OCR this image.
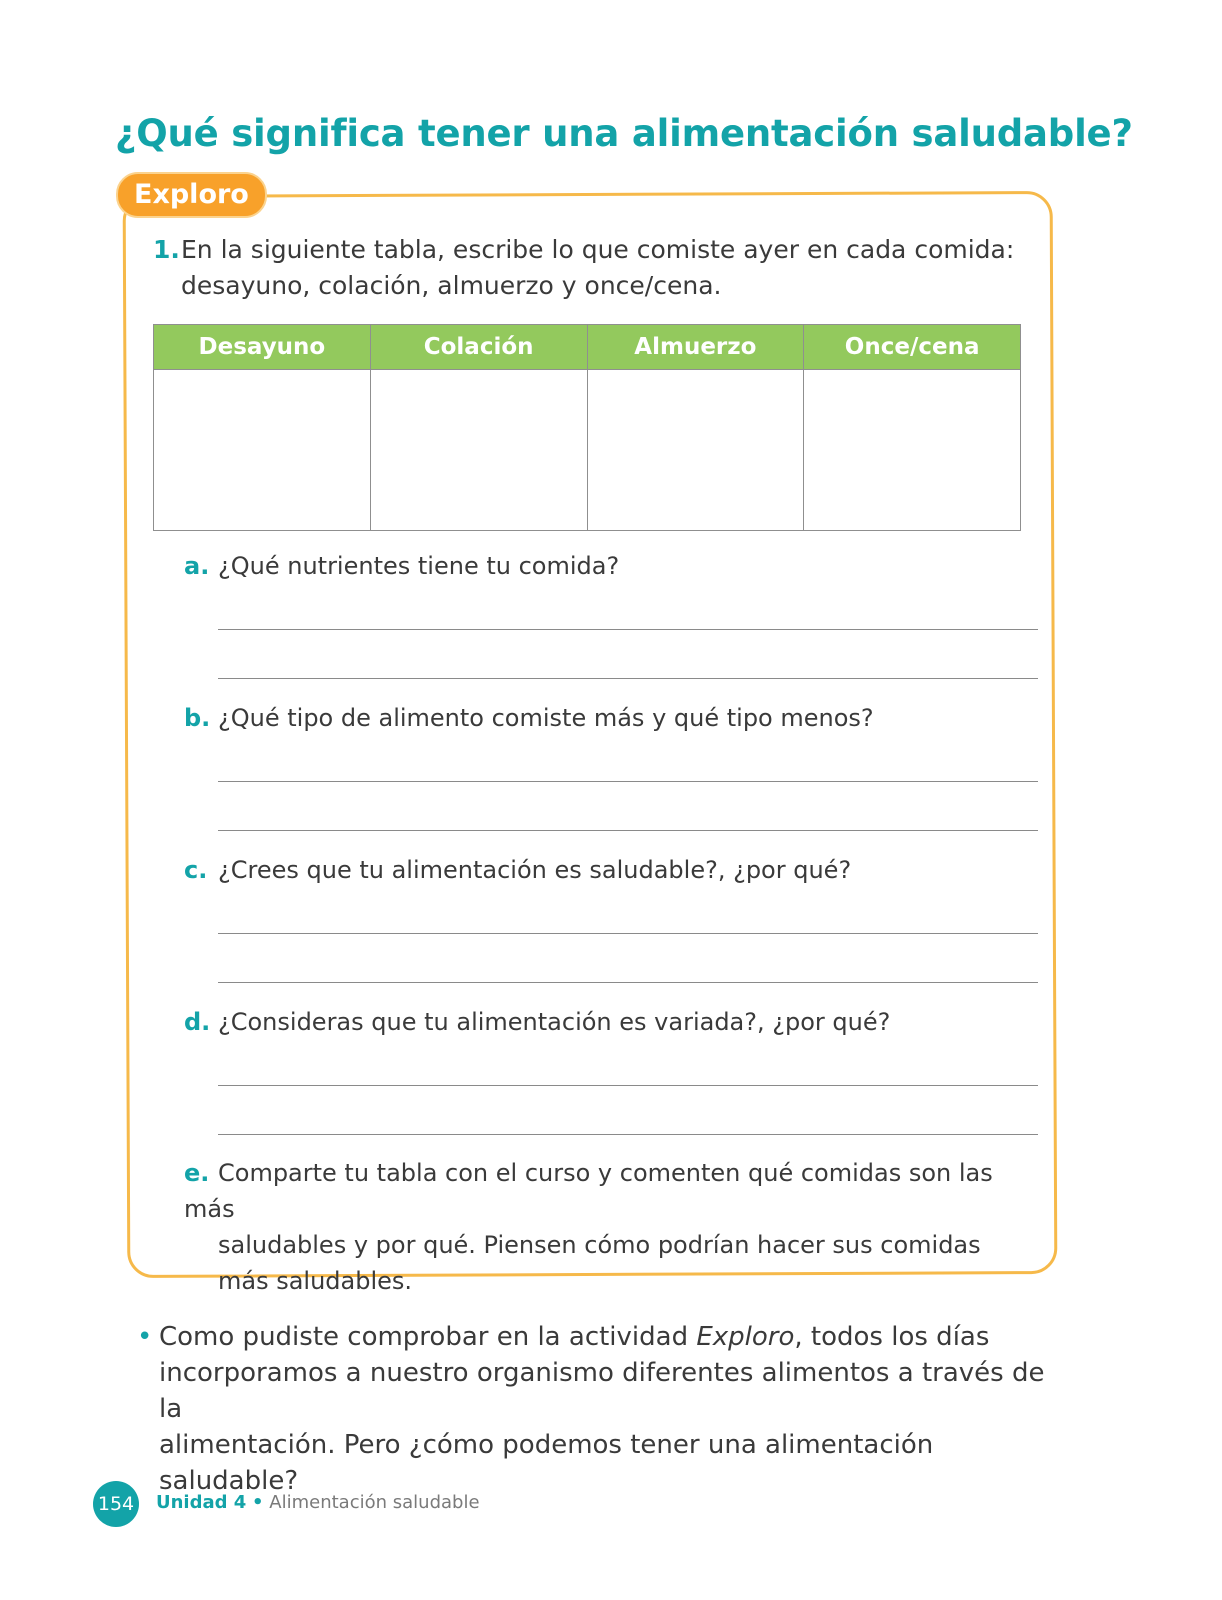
¿Qué significa tener una alimentación saludable?
Exploro
1.En la siguiente tabla, escribe lo que comiste ayer en cada comida:
desayuno, colación, almuerzo y once/cena.
Desayuno	Colación	Almuerzo	Once/cena

a. ¿Qué nutrientes tiene tu comida?
b. ¿Qué tipo de alimento comiste más y qué tipo menos?
c. ¿Crees que tu alimentación es saludable?, ¿por qué?
d. ¿Consideras que tu alimentación es variada?, ¿por qué?
e. Comparte tu tabla con el curso y comenten qué comidas son las más
saludables y por qué. Piensen cómo podrían hacer sus comidas
más saludables.
• Como pudiste comprobar en la actividad Exploro, todos los días
incorporamos a nuestro organismo diferentes alimentos a través de la
alimentación. Pero ¿cómo podemos tener una alimentación saludable?
154 Unidad 4 • Alimentación saludable
